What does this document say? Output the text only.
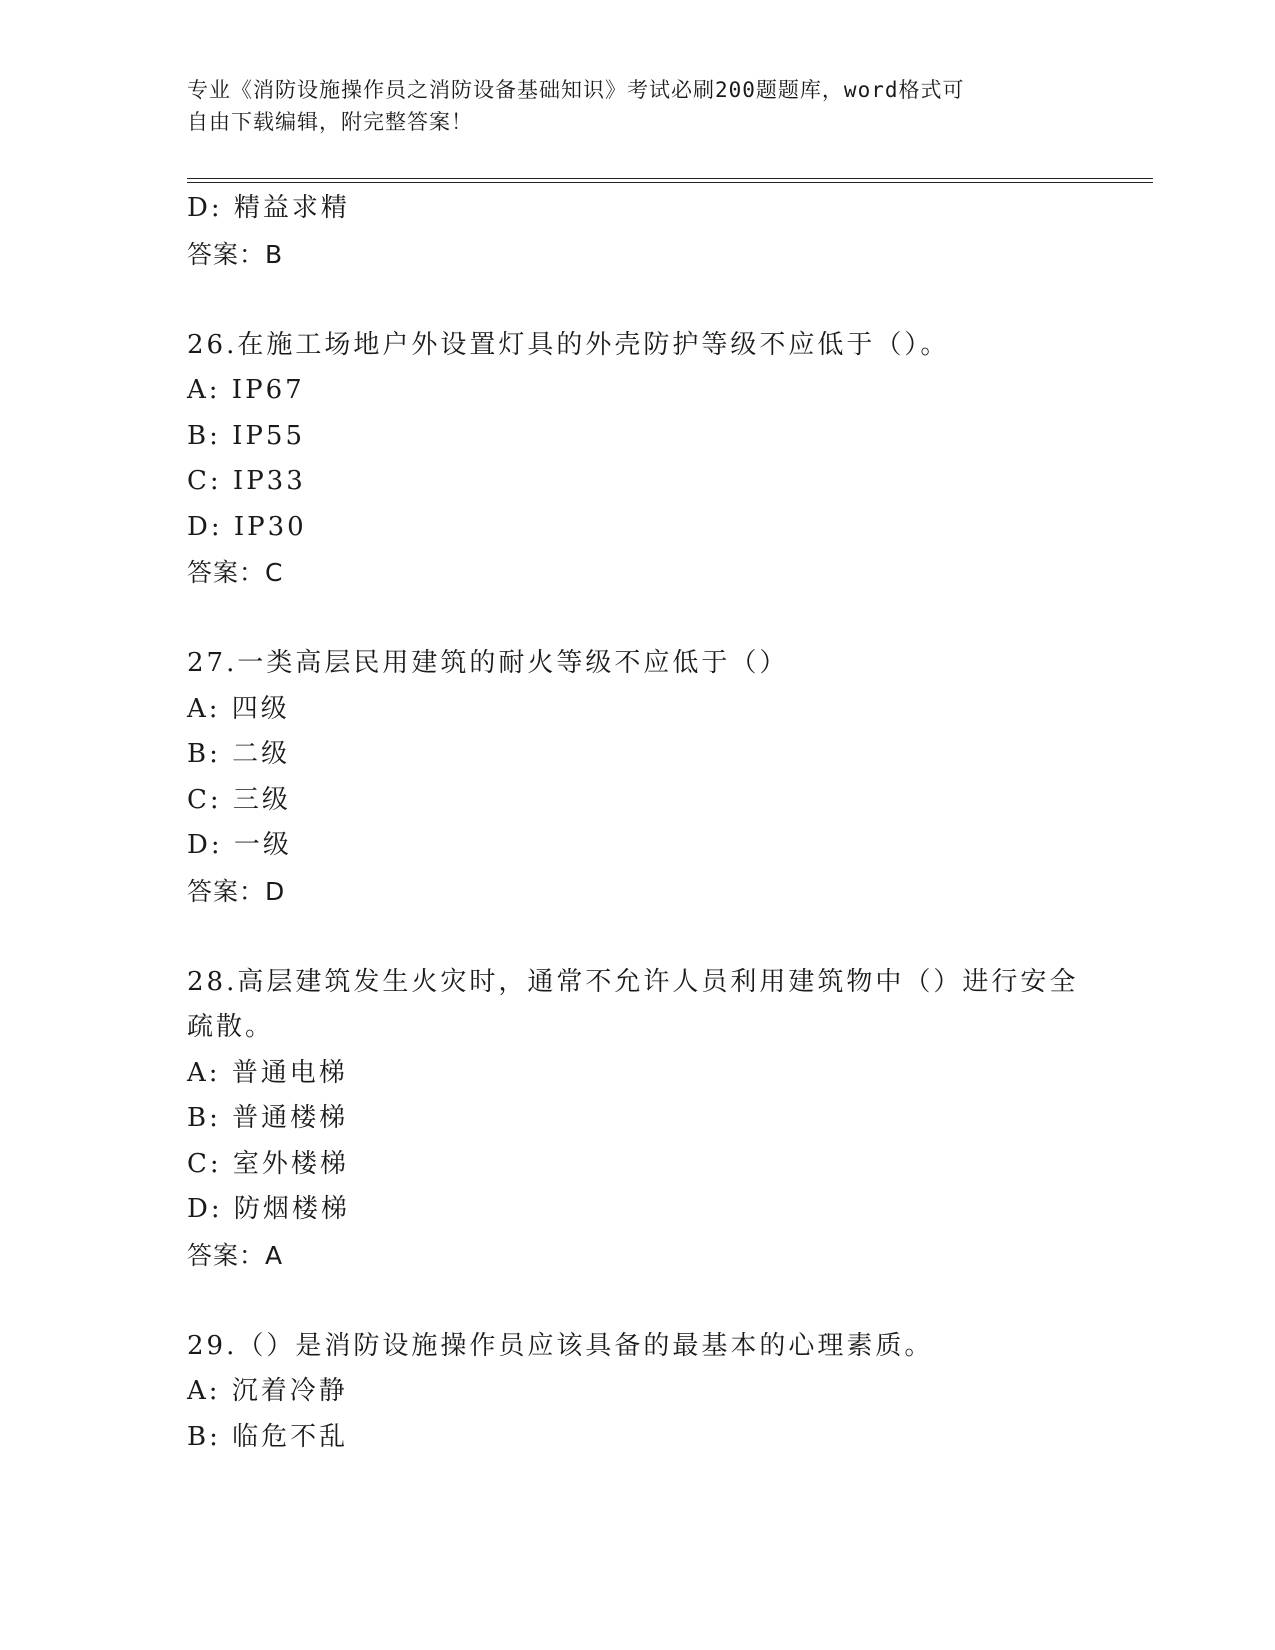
专业《消防设施操作员之消防设备基础知识》考试必刷200题题库，word格式可
自由下载编辑，附完整答案！
D: 精益求精
答案：B
26.在施工场地户外设置灯具的外壳防护等级不应低于（）。
A: IP67
B: IP55
C: IP33
D: IP30
答案：C
27.一类高层民用建筑的耐火等级不应低于（）
A: 四级
B: 二级
C: 三级
D: 一级
答案：D
28.高层建筑发生火灾时，通常不允许人员利用建筑物中（）进行安全
疏散。
A: 普通电梯
B: 普通楼梯
C: 室外楼梯
D: 防烟楼梯
答案：A
29.（）是消防设施操作员应该具备的最基本的心理素质。
A: 沉着冷静
B: 临危不乱
